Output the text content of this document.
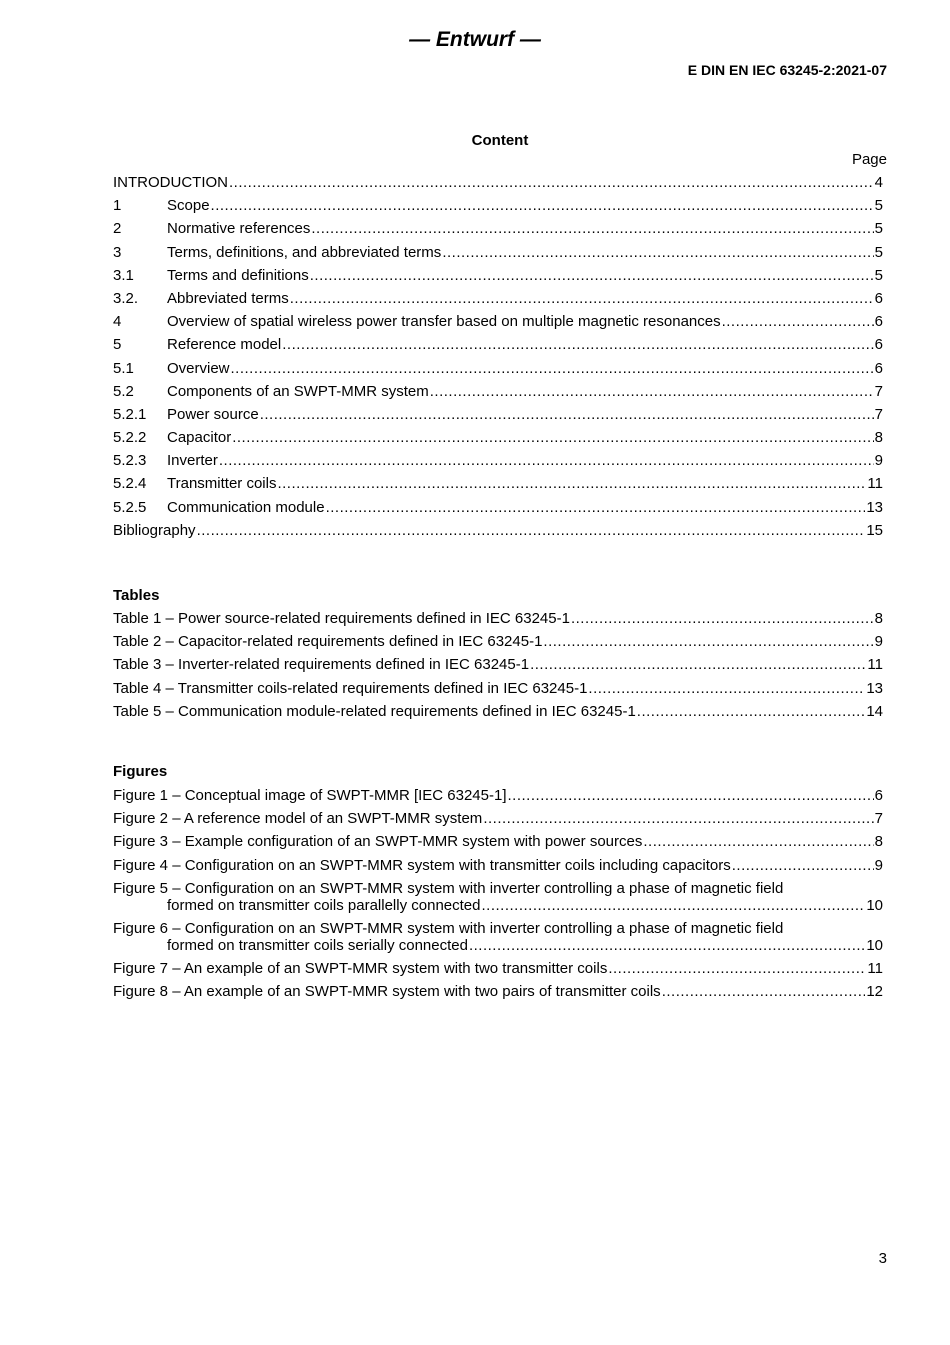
— Entwurf —
E DIN EN IEC 63245-2:2021-07
Content
Page
INTRODUCTION .....	4
1	Scope .....	5
2	Normative references .....	5
3	Terms, definitions, and abbreviated terms .....	5
3.1	Terms and definitions .....	5
3.2.	Abbreviated terms .....	6
4	Overview of spatial wireless power transfer based on multiple magnetic resonances .....	6
5	Reference model .....	6
5.1	Overview .....	6
5.2	Components of an SWPT-MMR system .....	7
5.2.1	Power source .....	7
5.2.2	Capacitor .....	8
5.2.3	Inverter .....	9
5.2.4	Transmitter coils .....	11
5.2.5	Communication module .....	13
Bibliography .....	15
Tables
Table 1 – Power source-related requirements defined in IEC 63245-1 .....	8
Table 2 – Capacitor-related requirements defined in IEC 63245-1 .....	9
Table 3 – Inverter-related requirements defined in IEC 63245-1 .....	11
Table 4 – Transmitter coils-related requirements defined in IEC 63245-1 .....	13
Table 5 – Communication module-related requirements defined in IEC 63245-1 .....	14
Figures
Figure 1 – Conceptual image of SWPT-MMR [IEC 63245-1] .....	6
Figure 2 – A reference model of an SWPT-MMR system .....	7
Figure 3 – Example configuration of an SWPT-MMR system with power sources .....	8
Figure 4 – Configuration on an SWPT-MMR system with transmitter coils including capacitors .....	9
Figure 5 – Configuration on an SWPT-MMR system with inverter controlling a phase of magnetic field
formed on transmitter coils parallelly connected .....	10
Figure 6 – Configuration on an SWPT-MMR system with inverter controlling a phase of magnetic field
formed on transmitter coils serially connected .....	10
Figure 7 – An example of an SWPT-MMR system with two transmitter coils .....	11
Figure 8 – An example of an SWPT-MMR system with two pairs of transmitter coils .....	12
3
